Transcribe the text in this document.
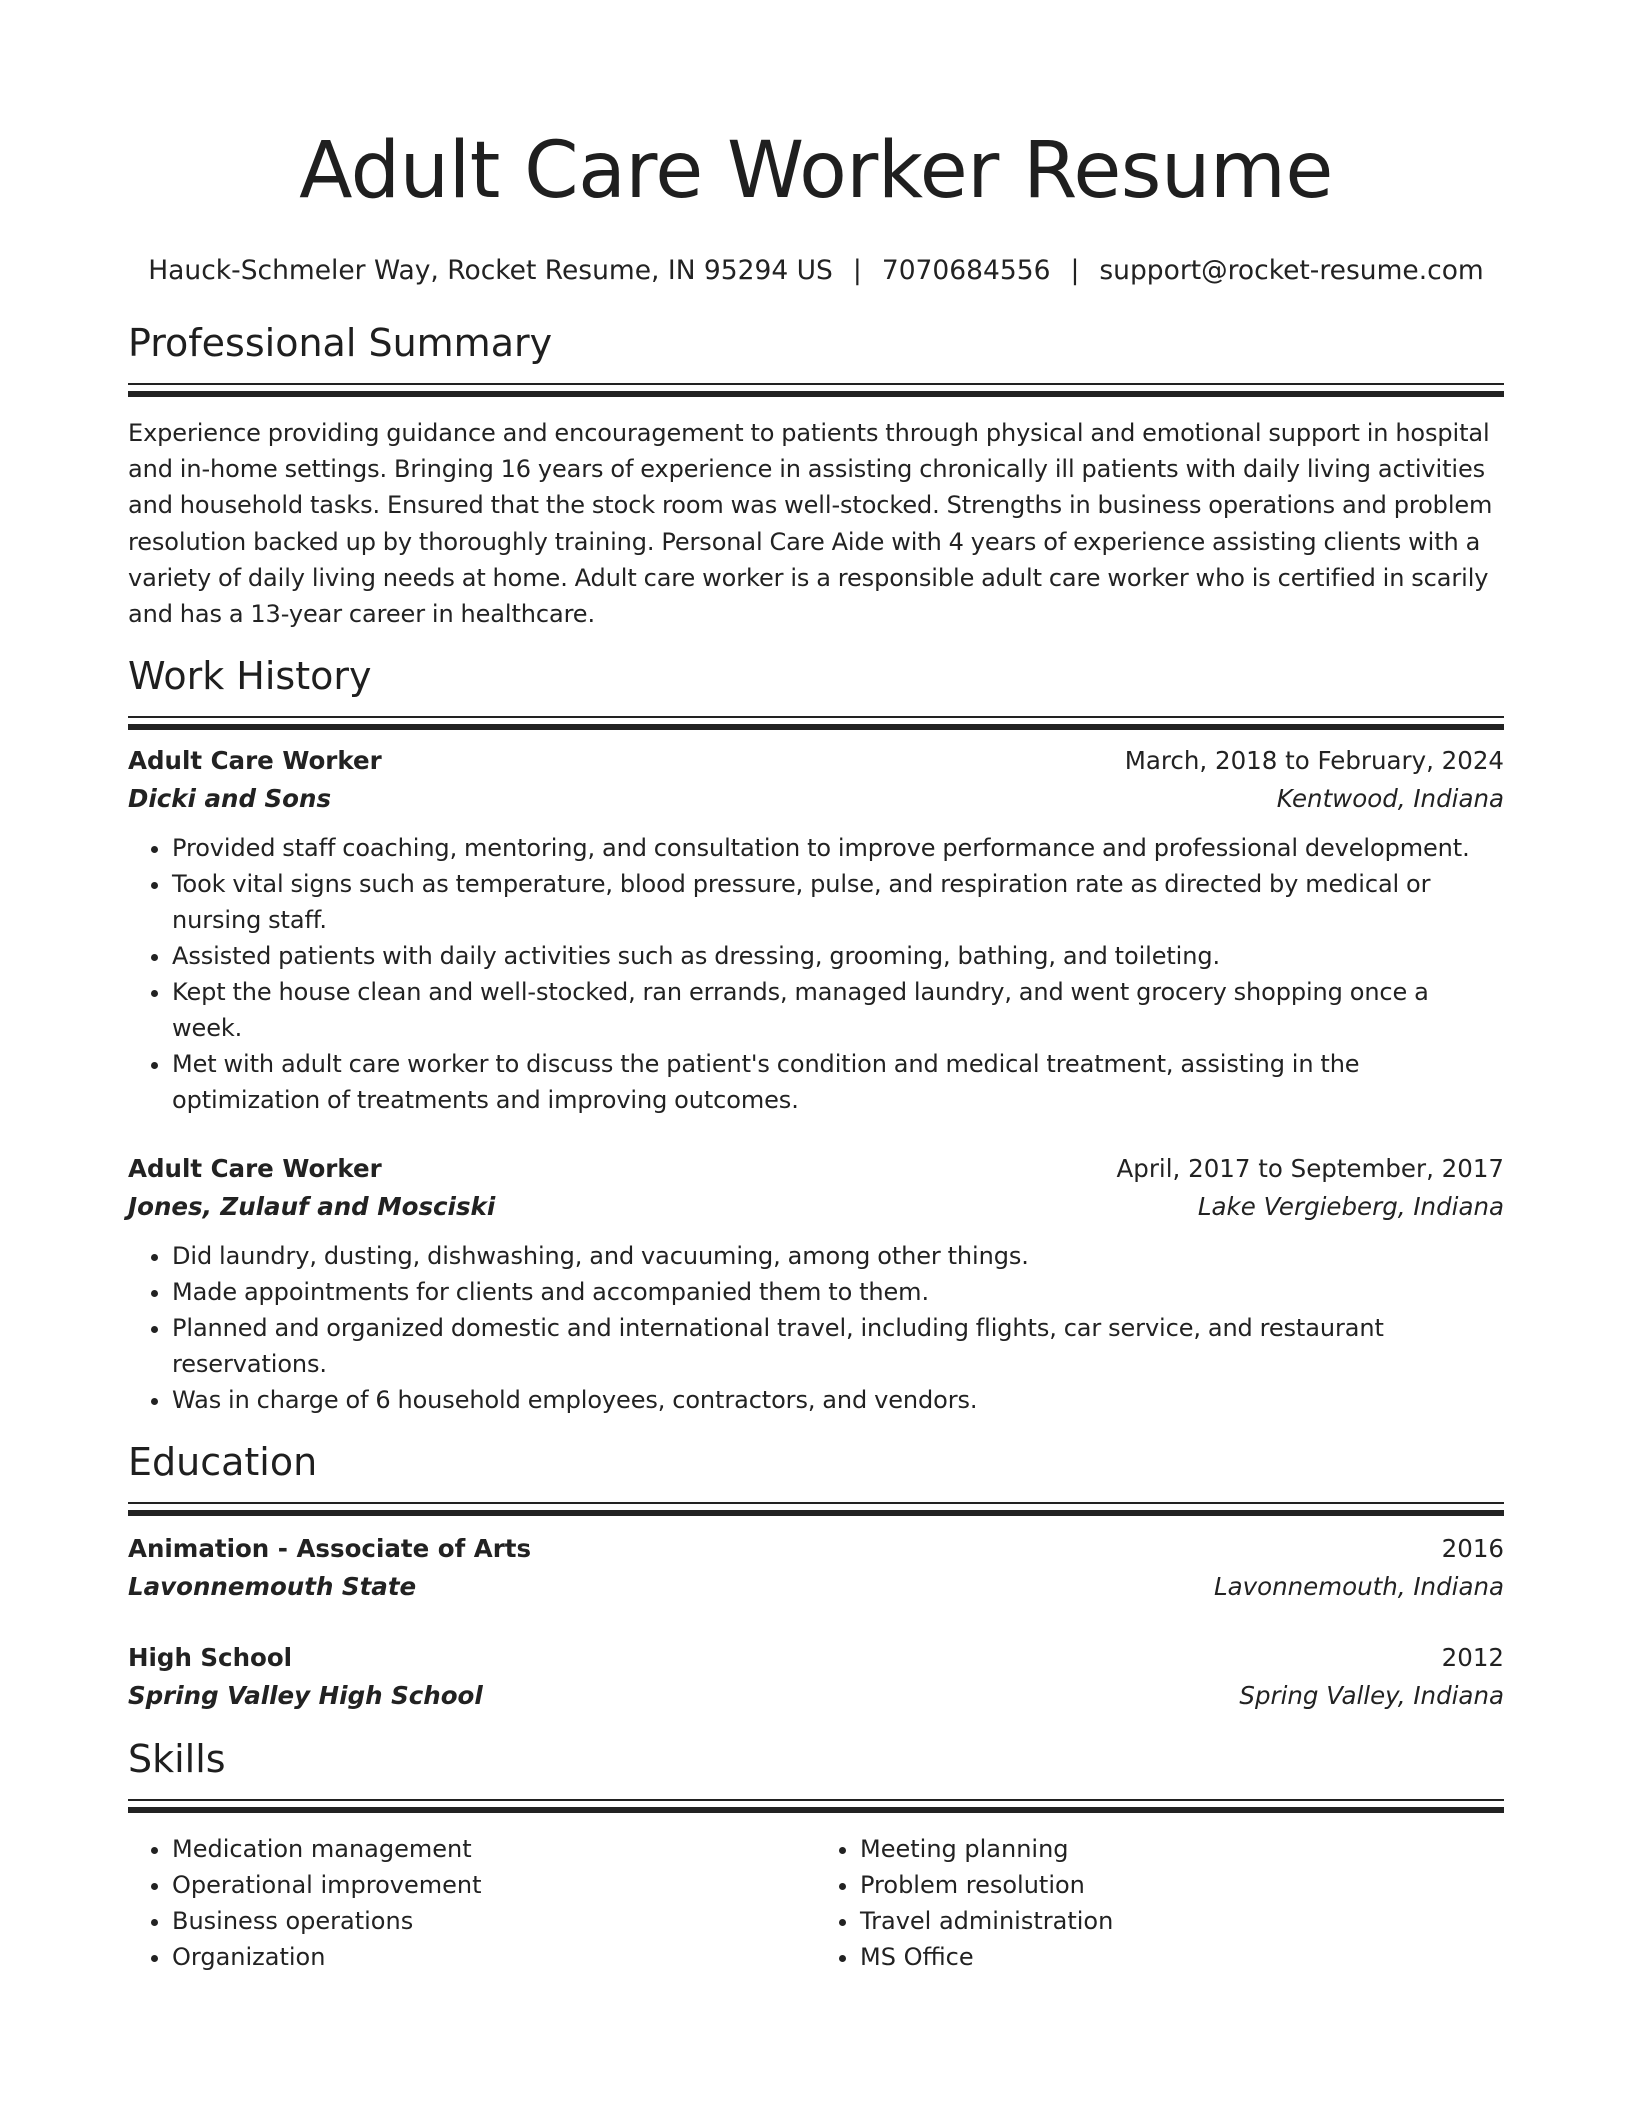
Adult Care Worker Resume
Hauck-Schmeler Way, Rocket Resume, IN 95294 US | 7070684556 | support@rocket-resume.com
Professional Summary

Experience providing guidance and encouragement to patients through physical and emotional support in hospital and in-home settings. Bringing 16 years of experience in assisting chronically ill patients with daily living activities and household tasks. Ensured that the stock room was well-stocked. Strengths in business operations and problem resolution backed up by thoroughly training. Personal Care Aide with 4 years of experience assisting clients with a variety of daily living needs at home. Adult care worker is a responsible adult care worker who is certified in scarily and has a 13-year career in healthcare.

Work History
Adult Care Worker	March, 2018 to February, 2024
Dicki and Sons	Kentwood, Indiana
• Provided staff coaching, mentoring, and consultation to improve performance and professional development.
• Took vital signs such as temperature, blood pressure, pulse, and respiration rate as directed by medical or nursing staff.
• Assisted patients with daily activities such as dressing, grooming, bathing, and toileting.
• Kept the house clean and well-stocked, ran errands, managed laundry, and went grocery shopping once a week.
• Met with adult care worker to discuss the patient's condition and medical treatment, assisting in the optimization of treatments and improving outcomes.
Adult Care Worker	April, 2017 to September, 2017
Jones, Zulauf and Mosciski	Lake Vergieberg, Indiana
• Did laundry, dusting, dishwashing, and vacuuming, among other things.
• Made appointments for clients and accompanied them to them.
• Planned and organized domestic and international travel, including flights, car service, and restaurant reservations.
• Was in charge of 6 household employees, contractors, and vendors.
Education
Animation - Associate of Arts	2016
Lavonnemouth State	Lavonnemouth, Indiana
High School	2012
Spring Valley High School	Spring Valley, Indiana
Skills
• Medication management
• Operational improvement
• Business operations
• Organization
• Meeting planning
• Problem resolution
• Travel administration
• MS Office
